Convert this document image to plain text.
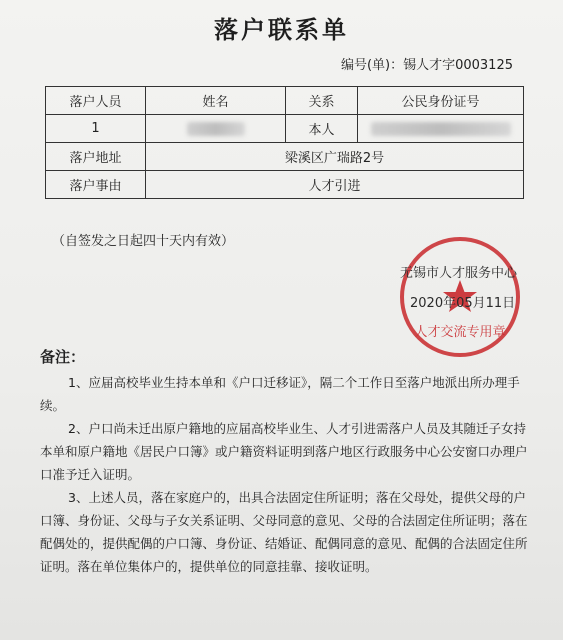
落户联系单
编号(单)：锡人才字0003125
落户人员	姓名	关系	公民身份证号
1		本人	
落户地址	梁溪区广瑞路2号		
落户事由	人才引进		
（自签发之日起四十天内有效）
人才交流专用章
无锡市人才服务中心
2020年05月11日
备注：

1、应届高校毕业生持本单和《户口迁移证》，隔二个工作日至落户地派出所办理手续。

2、户口尚未迁出原户籍地的应届高校毕业生、人才引进需落户人员及其随迁子女持本单和原户籍地《居民户口簿》或户籍资料证明到落户地区行政服务中心公安窗口办理户口准予迁入证明。

3、上述人员，落在家庭户的，出具合法固定住所证明；落在父母处，提供父母的户口簿、身份证、父母与子女关系证明、父母同意的意见、父母的合法固定住所证明；落在配偶处的，提供配偶的户口簿、身份证、结婚证、配偶同意的意见、配偶的合法固定住所证明。落在单位集体户的，提供单位的同意挂靠、接收证明。
